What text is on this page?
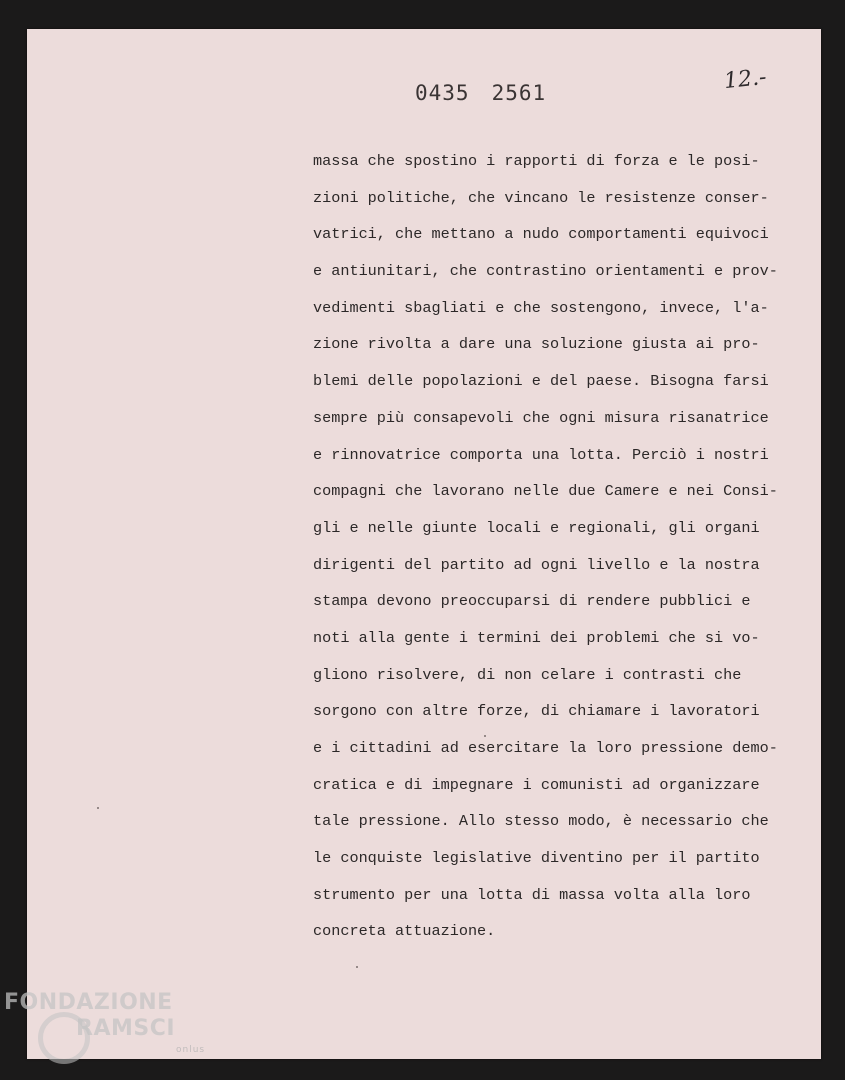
0435 2561	12.-
massa che spostino i rapporti di forza e le posi-
zioni politiche, che vincano le resistenze conser-
vatrici, che mettano a nudo comportamenti equivoci
e antiunitari, che contrastino orientamenti e prov-
vedimenti sbagliati e che sostengono, invece, l'a-
zione rivolta a dare una soluzione giusta ai pro-
blemi delle popolazioni e del paese. Bisogna farsi
sempre più consapevoli che ogni misura risanatrice
e rinnovatrice comporta una lotta. Perciò i nostri
compagni che lavorano nelle due Camere e nei Consi-
gli e nelle giunte locali e regionali, gli organi
dirigenti del partito ad ogni livello e la nostra
stampa devono preoccuparsi di rendere pubblici e
noti alla gente i termini dei problemi che si vo-
gliono risolvere, di non celare i contrasti che
sorgono con altre forze, di chiamare i lavoratori
e i cittadini ad esercitare la loro pressione demo-
cratica e di impegnare i comunisti ad organizzare
tale pressione. Allo stesso modo, è necessario che
le conquiste legislative diventino per il partito
strumento per una lotta di massa volta alla loro
concreta attuazione.
FONDAZIONE
RAMSCI
onlus
